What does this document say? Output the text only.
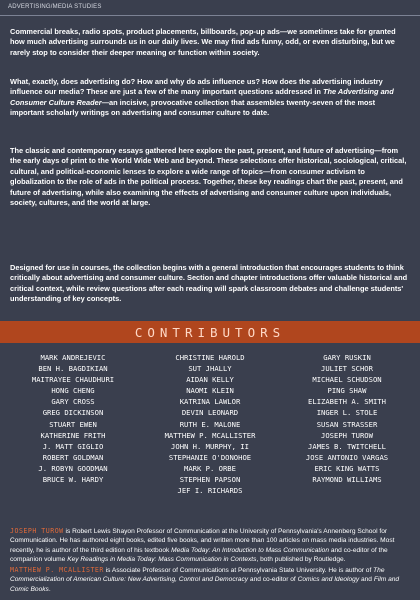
ADVERTISING/MEDIA STUDIES

Commercial breaks, radio spots, product placements, billboards, pop-up ads—we sometimes take for granted how much advertising surrounds us in our daily lives. We may find ads funny, odd, or even disturbing, but we rarely stop to consider their deeper meaning or function within society.

What, exactly, does advertising do? How and why do ads influence us? How does the advertising industry influence our media? These are just a few of the many important questions addressed in The Advertising and Consumer Culture Reader—an incisive, provocative collection that assembles twenty-seven of the most important scholarly writings on advertising and consumer culture to date.

The classic and contemporary essays gathered here explore the past, present, and future of advertising—from the early days of print to the World Wide Web and beyond. These selections offer historical, sociological, critical, cultural, and political-economic lenses to explore a wide range of topics—from consumer activism to globalization to the role of ads in the political process. Together, these key readings chart the past, present, and future of advertising, while also examining the effects of advertising and consumer culture upon individuals, society, cultures, and the world at large.

Designed for use in courses, the collection begins with a general introduction that encourages students to think critically about advertising and consumer culture. Section and chapter introductions offer valuable historical and critical context, while review questions after each reading will spark classroom debates and challenge students' understanding of key concepts.

CONTRIBUTORS
MARK ANDREJEVIC
BEN H. BAGDIKIAN
MAITRAYEE CHAUDHURI
HONG CHENG
GARY CROSS
GREG DICKINSON
STUART EWEN
KATHERINE FRITH
J. MATT GIGLIO
ROBERT GOLDMAN
J. ROBYN GOODMAN
BRUCE W. HARDY
CHRISTINE HAROLD
SUT JHALLY
AIDAN KELLY
NAOMI KLEIN
KATRINA LAWLOR
DEVIN LEONARD
RUTH E. MALONE
MATTHEW P. MCALLISTER
JOHN H. MURPHY, II
STEPHANIE O'DONOHOE
MARK P. ORBE
STEPHEN PAPSON
JEF I. RICHARDS
GARY RUSKIN
JULIET SCHOR
MICHAEL SCHUDSON
PING SHAW
ELIZABETH A. SMITH
INGER L. STOLE
SUSAN STRASSER
JOSEPH TUROW
JAMES B. TWITCHELL
JOSE ANTONIO VARGAS
ERIC KING WATTS
RAYMOND WILLIAMS

JOSEPH TUROW is Robert Lewis Shayon Professor of Communication at the University of Pennsylvania's Annenberg School for Communication. He has authored eight books, edited five books, and written more than 100 articles on mass media industries. Most recently, he is author of the third edition of his textbook Media Today: An Introduction to Mass Communication and co-editor of the companion volume Key Readings in Media Today: Mass Communication in Contexts, both published by Routledge.

MATTHEW P. MCALLISTER is Associate Professor of Communications at Pennsylvania State University. He is author of The Commercialization of American Culture: New Advertising, Control and Democracy and co-editor of Comics and Ideology and Film and Comic Books.
